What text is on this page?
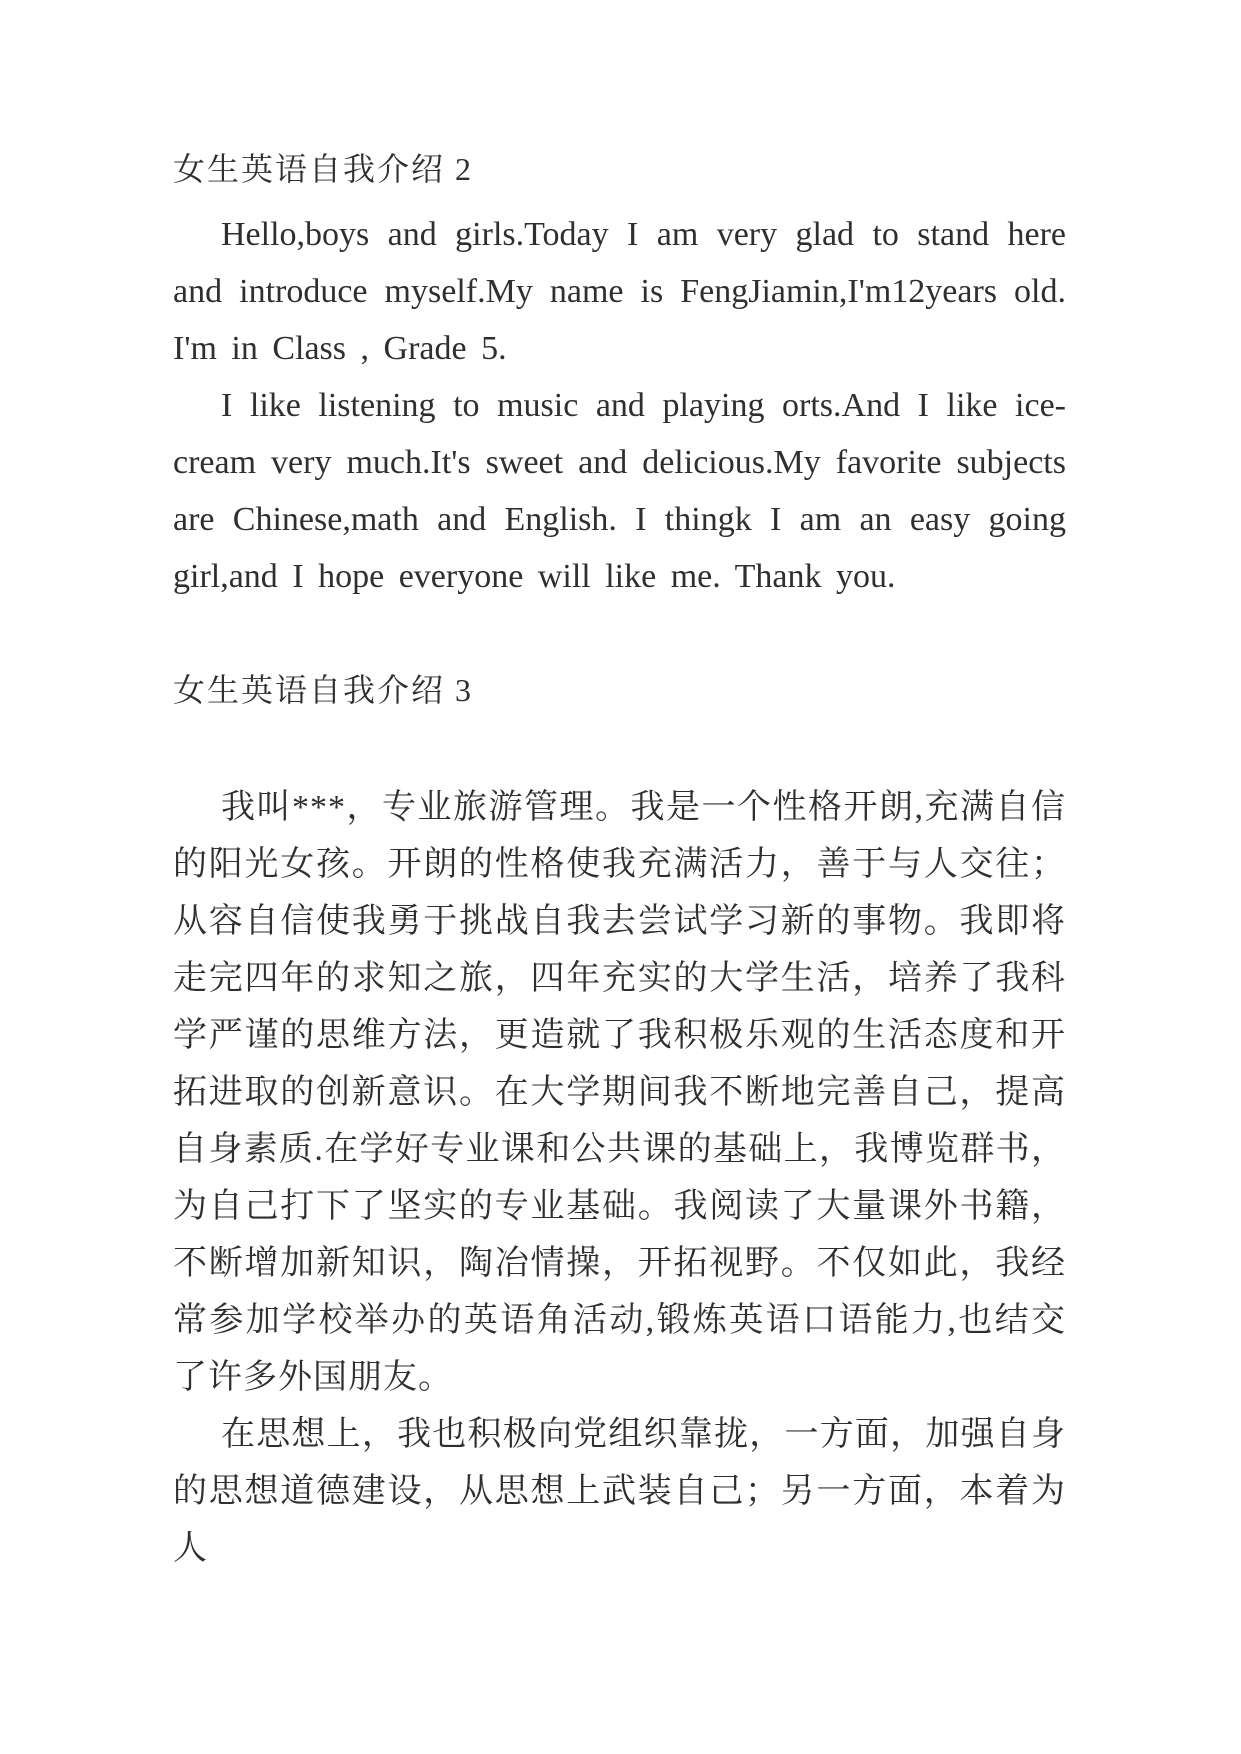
女生英语自我介绍 2

Hello,boys and girls.Today I am very glad to stand here and introduce myself.My name is FengJiamin,I'm12years old. I'm in Class , Grade 5.

I like listening to music and playing orts.And I like ice-cream very much.It's sweet and delicious.My favorite subjects are Chinese,math and English. I thingk I am an easy going girl,and I hope everyone will like me. Thank you.

女生英语自我介绍 3

我叫***，专业旅游管理。我是一个性格开朗,充满自信的阳光女孩。开朗的性格使我充满活力，善于与人交往；从容自信使我勇于挑战自我去尝试学习新的事物。我即将走完四年的求知之旅，四年充实的大学生活，培养了我科学严谨的思维方法，更造就了我积极乐观的生活态度和开拓进取的创新意识。在大学期间我不断地完善自己，提高自身素质.在学好专业课和公共课的基础上，我博览群书，为自己打下了坚实的专业基础。我阅读了大量课外书籍，不断增加新知识，陶冶情操，开拓视野。不仅如此，我经常参加学校举办的英语角活动,锻炼英语口语能力,也结交了许多外国朋友。

在思想上，我也积极向党组织靠拢，一方面，加强自身的思想道德建设，从思想上武装自己；另一方面，本着为人
